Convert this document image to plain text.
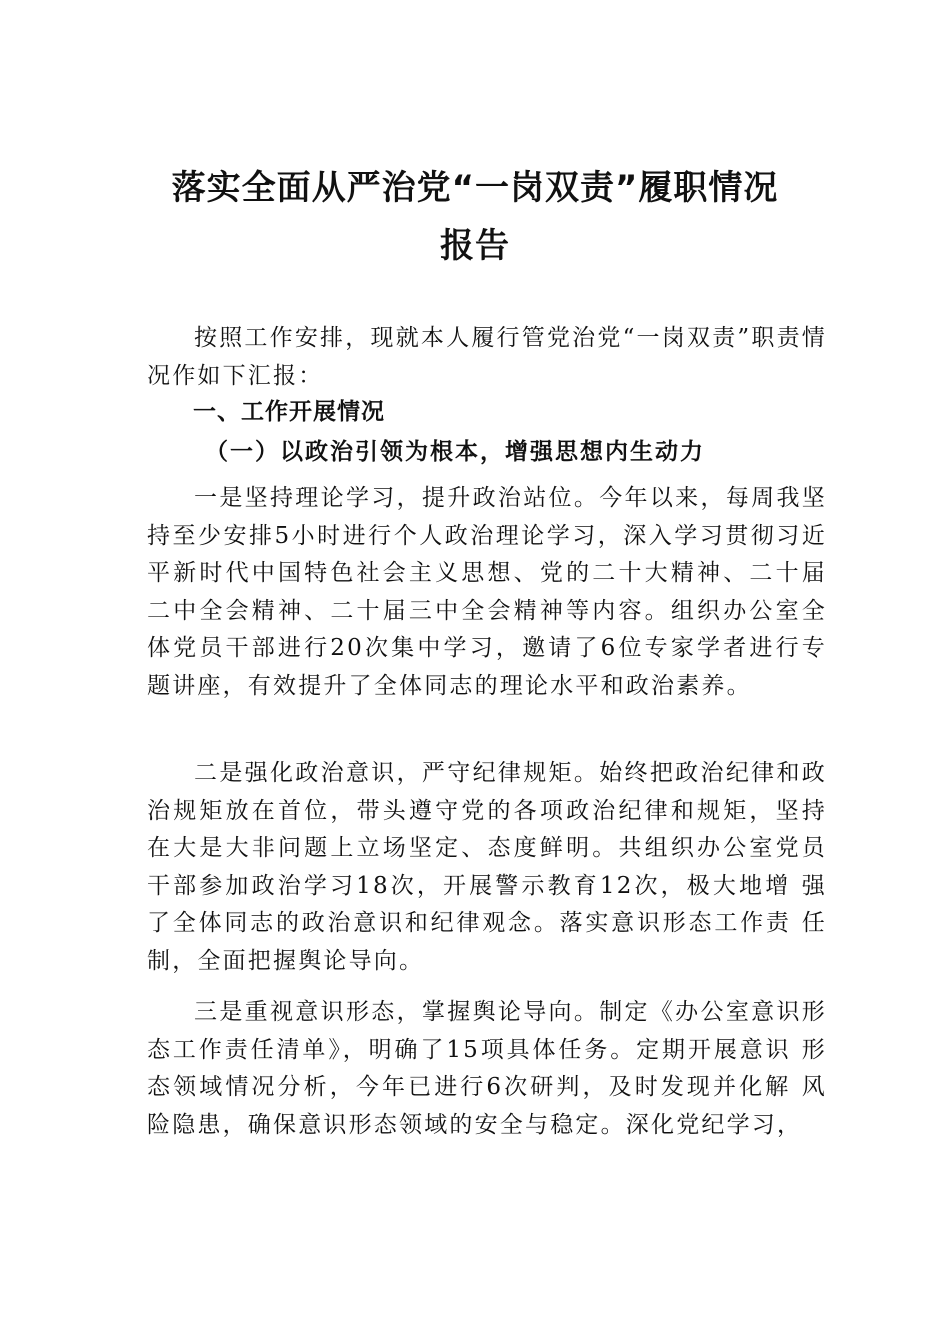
落实全面从严治党“一岗双责”履职情况
报告

按照工作安排，现就本人履行管党治党“一岗双责”职责情况作如下汇报：

一、工作开展情况
（一）以政治引领为根本，增强思想内生动力

一是坚持理论学习，提升政治站位。今年以来，每周我坚持至少安排5小时进行个人政治理论学习，深入学习贯彻习近平新时代中国特色社会主义思想、党的二十大精神、二十届二中全会精神、二十届三中全会精神等内容。组织办公室全体党员干部进行20次集中学习，邀请了6位专家学者进行专题讲座，有效提升了全体同志的理论水平和政治素养。

二是强化政治意识，严守纪律规矩。始终把政治纪律和政治规矩放在首位，带头遵守党的各项政治纪律和规矩，坚持在大是大非问题上立场坚定、态度鲜明。共组织办公室党员干部参加政治学习18次，开展警示教育12次，极大地增 强了全体同志的政治意识和纪律观念。落实意识形态工作责 任制，全面把握舆论导向。

三是重视意识形态，掌握舆论导向。制定《办公室意识形态工作责任清单》，明确了15项具体任务。定期开展意识 形态领域情况分析，今年已进行6次研判，及时发现并化解 风险隐患，确保意识形态领域的安全与稳定。深化党纪学习，
